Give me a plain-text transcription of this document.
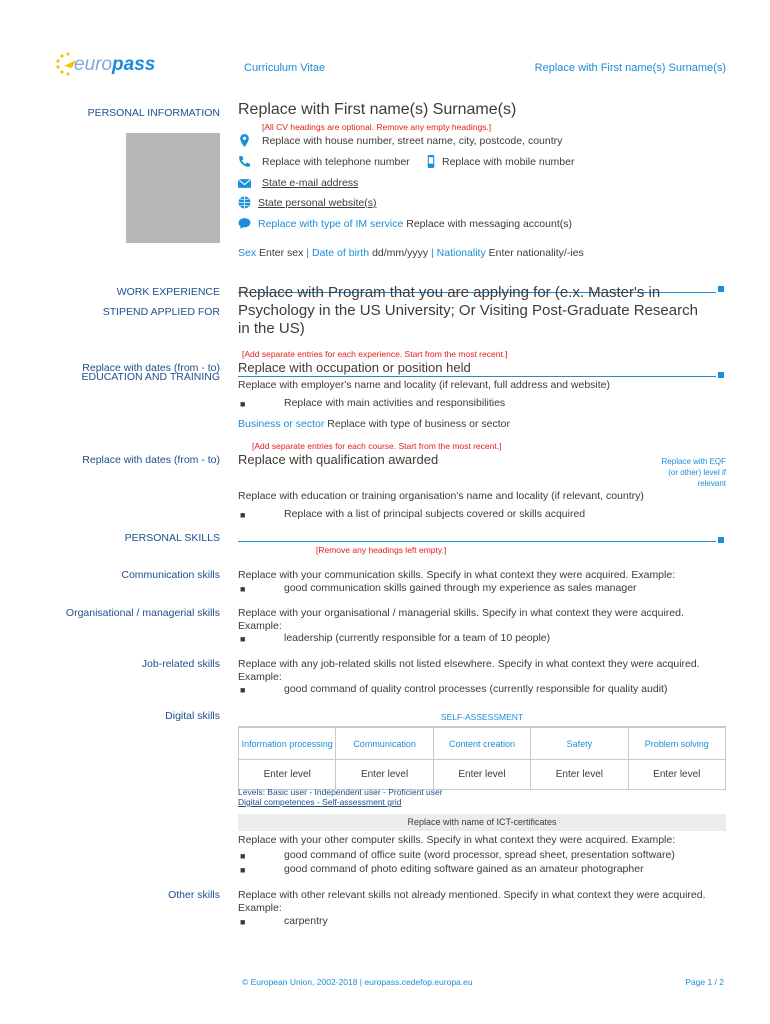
europass	Curriculum Vitae	Replace with First name(s) Surname(s)
PERSONAL INFORMATION Replace with First name(s) Surname(s)
[All CV headings are optional. Remove any empty headings.]
Replace with house number, street name, city, postcode, country
Replace with telephone number	Replace with mobile number
State e-mail address
State personal website(s)
Replace with type of IM service Replace with messaging account(s)
Sex Enter sex | Date of birth dd/mm/yyyy | Nationality Enter nationality/-ies
WORK EXPERIENCE
STIPEND APPLIED FOR
Replace with Program that you are applying for (e.x. Master's in Psychology in the US University; Or Visiting Post-Graduate Research in the US)
[Add separate entries for each experience. Start from the most recent.]
Replace with dates (from - to)
EDUCATION AND TRAINING
Replace with occupation or position held
Replace with employer's name and locality (if relevant, full address and website)
■	Replace with main activities and responsibilities
Business or sector Replace with type of business or sector
[Add separate entries for each course. Start from the most recent.]
Replace with dates (from - to) Replace with qualification awarded	Replace with EQF
(or other) level if
relevant
Replace with education or training organisation's name and locality (if relevant, country)
■	Replace with a list of principal subjects covered or skills acquired
PERSONAL SKILLS
[Remove any headings left empty.]
Communication skills Replace with your communication skills. Specify in what context they were acquired. Example:
■	good communication skills gained through my experience as sales manager
Organisational / managerial skills Replace with your organisational / managerial skills. Specify in what context they were acquired.
Example:
■	leadership (currently responsible for a team of 10 people)
Job-related skills Replace with any job-related skills not listed elsewhere. Specify in what context they were acquired.
Example:
■	good command of quality control processes (currently responsible for quality audit)
Digital skills	SELF-ASSESSMENT
Information processing	Communication	Content creation	Safety	Problem solving
Enter level	Enter level	Enter level	Enter level	Enter level
Levels: Basic user - Independent user - Proficient user
Digital competences - Self-assessment grid
Replace with name of ICT-certificates
Replace with your other computer skills. Specify in what context they were acquired. Example:
■	good command of office suite (word processor, spread sheet, presentation software)
■	good command of photo editing software gained as an amateur photographer
Other skills Replace with other relevant skills not already mentioned. Specify in what context they were acquired.
Example:
■	carpentry
© European Union, 2002-2018 | europass.cedefop.europa.eu	Page 1 / 2
